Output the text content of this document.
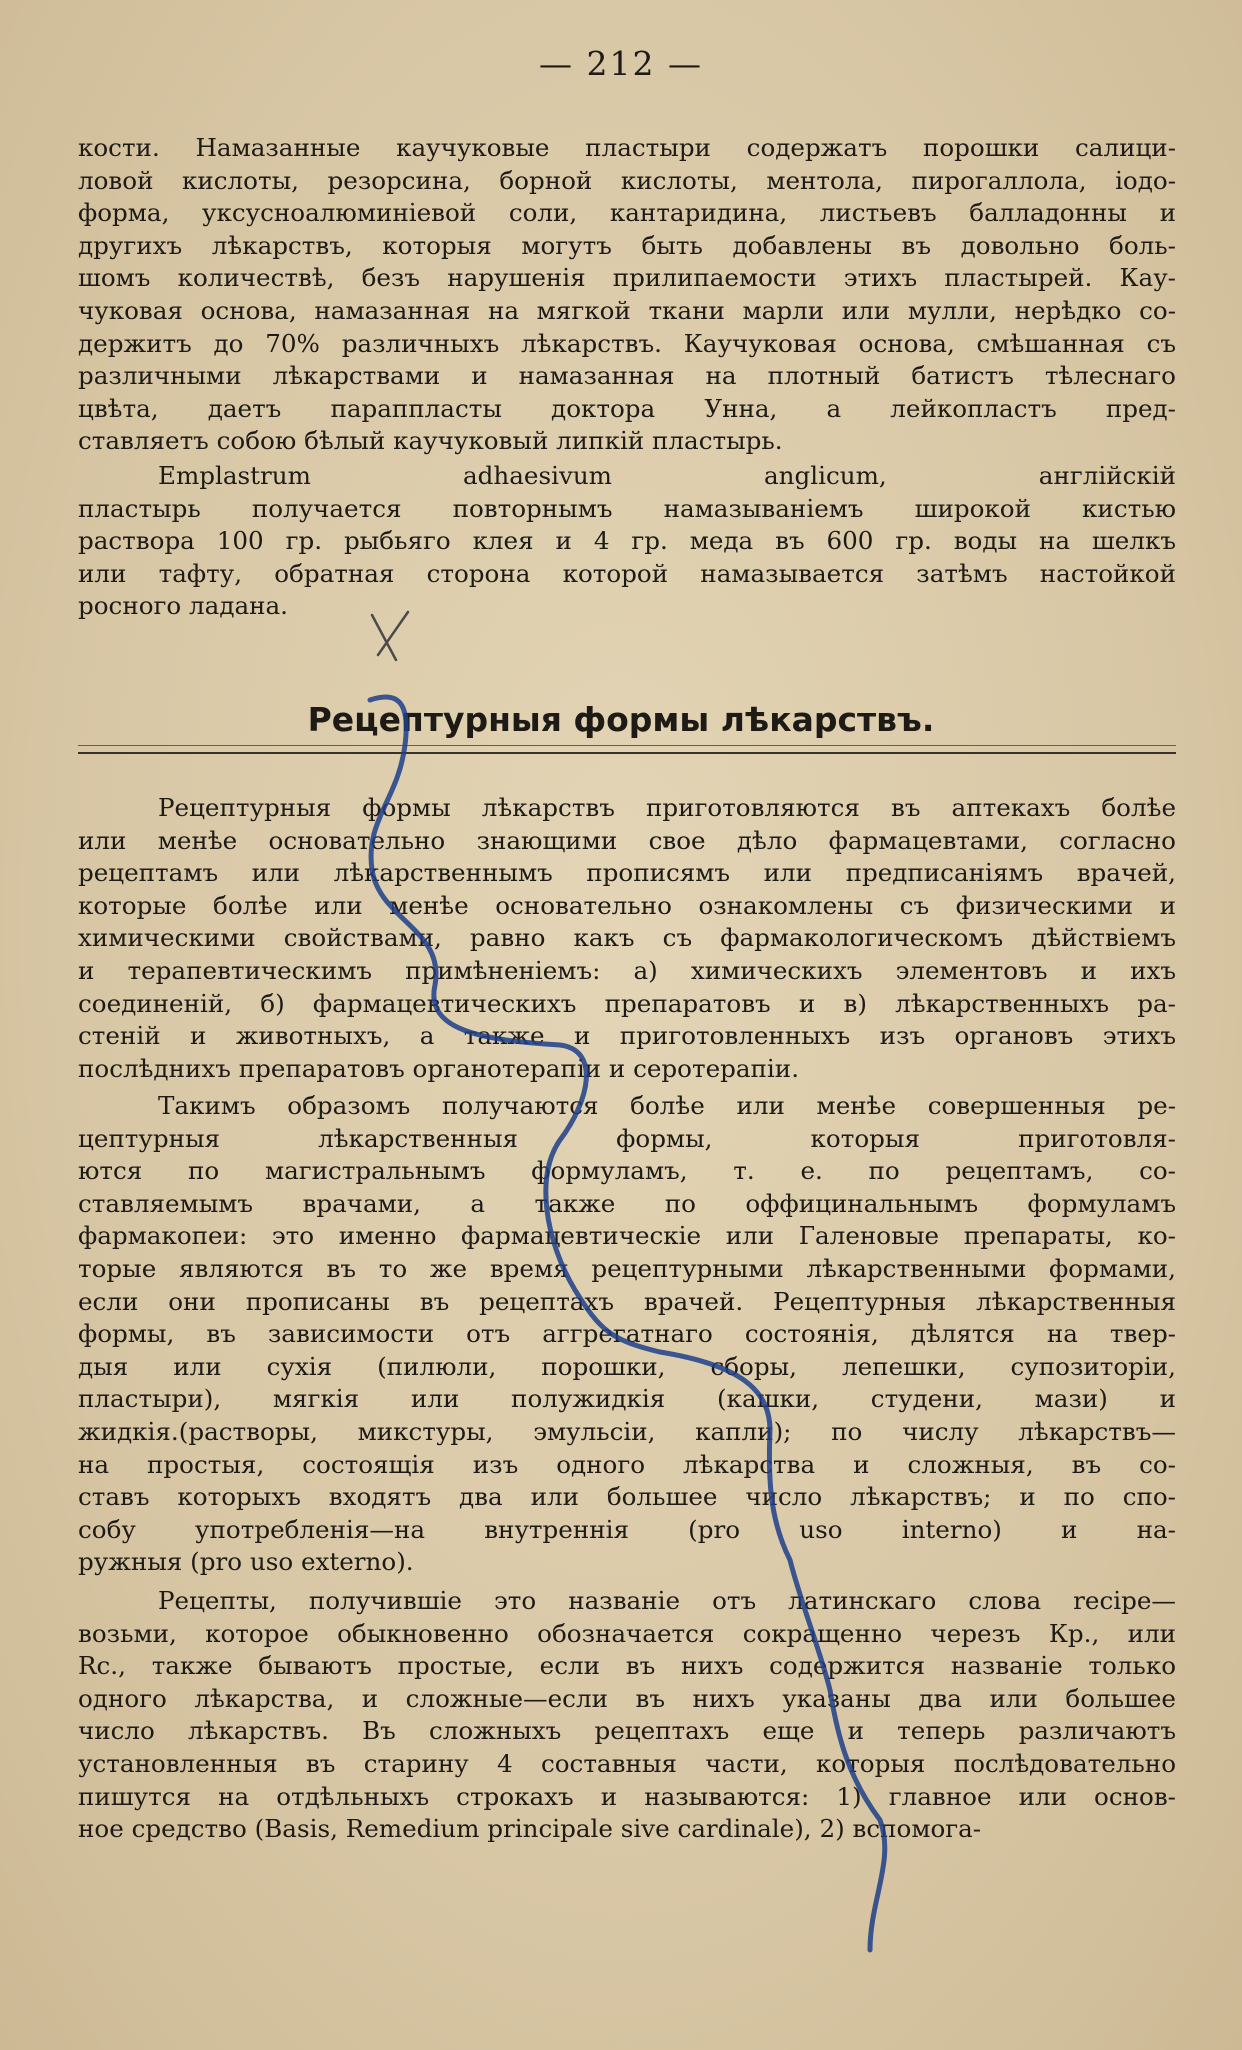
— 212 —
кости. Намазанные каучуковые пластыри содержатъ порошки салици-
ловой кислоты, резорсина, борной кислоты, ментола, пирогаллола, іодо-
форма, уксусноалюминіевой соли, кантаридина, листьевъ балладонны и
другихъ лѣкарствъ, которыя могутъ быть добавлены въ довольно боль-
шомъ количествѣ, безъ нарушенія прилипаемости этихъ пластырей. Кау-
чуковая основа, намазанная на мягкой ткани марли или мулли, нерѣдко со-
держитъ до 70% различныхъ лѣкарствъ. Каучуковая основа, смѣшанная съ
различными лѣкарствами и намазанная на плотный батистъ тѣлеснаго
цвѣта, даетъ параппласты доктора Унна, а лейкопластъ пред-
ставляетъ собою бѣлый каучуковый липкій пластырь.
Emplastrum adhaesivum anglicum, англійскій
пластырь получается повторнымъ намазываніемъ широкой кистью
раствора 100 гр. рыбьяго клея и 4 гр. меда въ 600 гр. воды на шелкъ
или тафту, обратная сторона которой намазывается затѣмъ настойкой
росного ладана.
Рецептурныя формы лѣкарствъ.
Рецептурныя формы лѣкарствъ приготовляются въ аптекахъ болѣе
или менѣе основательно знающими свое дѣло фармацевтами, согласно
рецептамъ или лѣкарственнымъ прописямъ или предписаніямъ врачей,
которые болѣе или менѣе основательно ознакомлены съ физическими и
химическими свойствами, равно какъ съ фармакологическомъ дѣйствіемъ
и терапевтическимъ примѣненіемъ: а) химическихъ элементовъ и ихъ
соединеній, б) фармацевтическихъ препаратовъ и в) лѣкарственныхъ ра-
стеній и животныхъ, а также и приготовленныхъ изъ органовъ этихъ
послѣднихъ препаратовъ органотерапіи и серотерапіи.
Такимъ образомъ получаются болѣе или менѣе совершенныя ре-
цептурныя лѣкарственныя формы, которыя приготовля-
ются по магистральнымъ формуламъ, т. е. по рецептамъ, со-
ставляемымъ врачами, а также по оффицинальнымъ формуламъ
фармакопеи: это именно фармацевтическіе или Галеновые препараты, ко-
торые являются въ то же время рецептурными лѣкарственными формами,
если они прописаны въ рецептахъ врачей. Рецептурныя лѣкарственныя
формы, въ зависимости отъ аггрегатнаго состоянія, дѣлятся на твер-
дыя или сухія (пилюли, порошки, сборы, лепешки, супозиторіи,
пластыри), мягкія или полужидкія (кашки, студени, мази) и
жидкія.(растворы, микстуры, эмульсіи, капли); по числу лѣкарствъ—
на простыя, состоящія изъ одного лѣкарства и сложныя, въ со-
ставъ которыхъ входятъ два или большее число лѣкарствъ; и по спо-
собу употребленія—на внутреннія (pro uso interno) и на-
ружныя (pro uso externo).
Рецепты, получившіе это названіе отъ латинскаго слова recipe—
возьми, которое обыкновенно обозначается сокращенно черезъ Кр., или
Rc., также бываютъ простые, если въ нихъ содержится названіе только
одного лѣкарства, и сложные—если въ нихъ указаны два или большее
число лѣкарствъ. Въ сложныхъ рецептахъ еще и теперь различаютъ
установленныя въ старину 4 составныя части, которыя послѣдовательно
пишутся на отдѣльныхъ строкахъ и называются: 1) главное или основ-
ное средство (Basis, Remedium principale sive cardinale), 2) вспомога-
